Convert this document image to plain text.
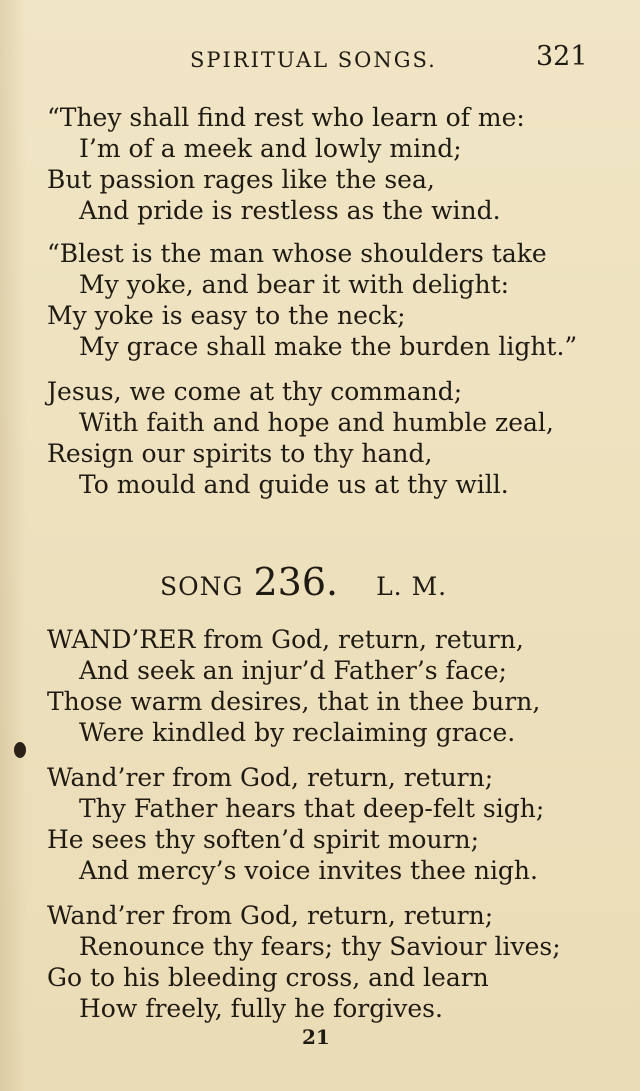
SPIRITUAL SONGS.	321
“They shall find rest who learn of me:
I’m of a meek and lowly mind;
But passion rages like the sea,
And pride is restless as the wind.
“Blest is the man whose shoulders take
My yoke, and bear it with delight:
My yoke is easy to the neck;
My grace shall make the burden light.”
Jesus, we come at thy command;
With faith and hope and humble zeal,
Resign our spirits to thy hand,
To mould and guide us at thy will.
SONG 236. L. M.
WAND’RER from God, return, return,
And seek an injur’d Father’s face;
Those warm desires, that in thee burn,
Were kindled by reclaiming grace.
Wand’rer from God, return, return;
Thy Father hears that deep-felt sigh;
He sees thy soften’d spirit mourn;
And mercy’s voice invites thee nigh.
Wand’rer from God, return, return;
Renounce thy fears; thy Saviour lives;
Go to his bleeding cross, and learn
How freely, fully he forgives.
21
